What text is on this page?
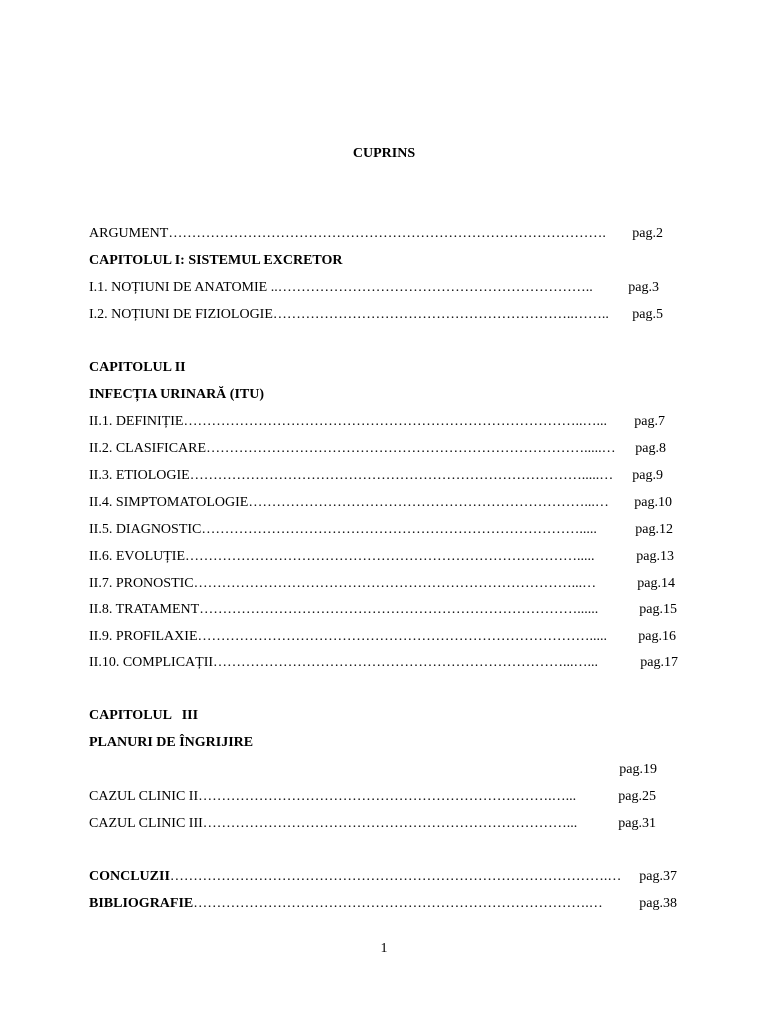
CUPRINS
ARGUMENT…………………………………………………………………………………. pag.2
CAPITOLUL I: SISTEMUL EXCRETOR
I.1. NOȚIUNI DE ANATOMIE ..…………………………………………………………..	pag.3
I.2. NOȚIUNI DE FIZIOLOGIE………………………………………………………..…….. pag.5
CAPITOLUL II
INFECȚIA URINARĂ (ITU)
II.1. DEFINIȚIE…………………………………………………………………………..…... pag.7
II.2. CLASIFICARE……………………………………………………………………….....… pag.8
II.3. ETIOLOGIE………………………………………………………………………….....… pag.9
II.4. SIMPTOMATOLOGIE………………………………………………………………...… pag.10
II.5. DIAGNOSTIC……………………………………………………………………….....	pag.12
II.6. EVOLUȚIE………………………………………………………………………….....	pag.13
II.7. PRONOSTIC………………………………………………………………………...…	pag.14
II.8. TRATAMENT………………………………………………………………………......	pag.15
II.9. PROFILAXIE…………………………………………………………………………..... pag.16
II.10. COMPLICAȚII…………………………………………………………………...…...	pag.17
CAPITOLUL   III
PLANURI DE ÎNGRIJIRE

pag.19

CAZUL CLINIC II………………………………………………………………….…...	pag.25
CAZUL CLINIC III……………………………………………………………………...	pag.31
CONCLUZII………………………………………………………………………………….… pag.37
BIBLIOGRAFIE………………………………………………………………………….…	pag.38
1
